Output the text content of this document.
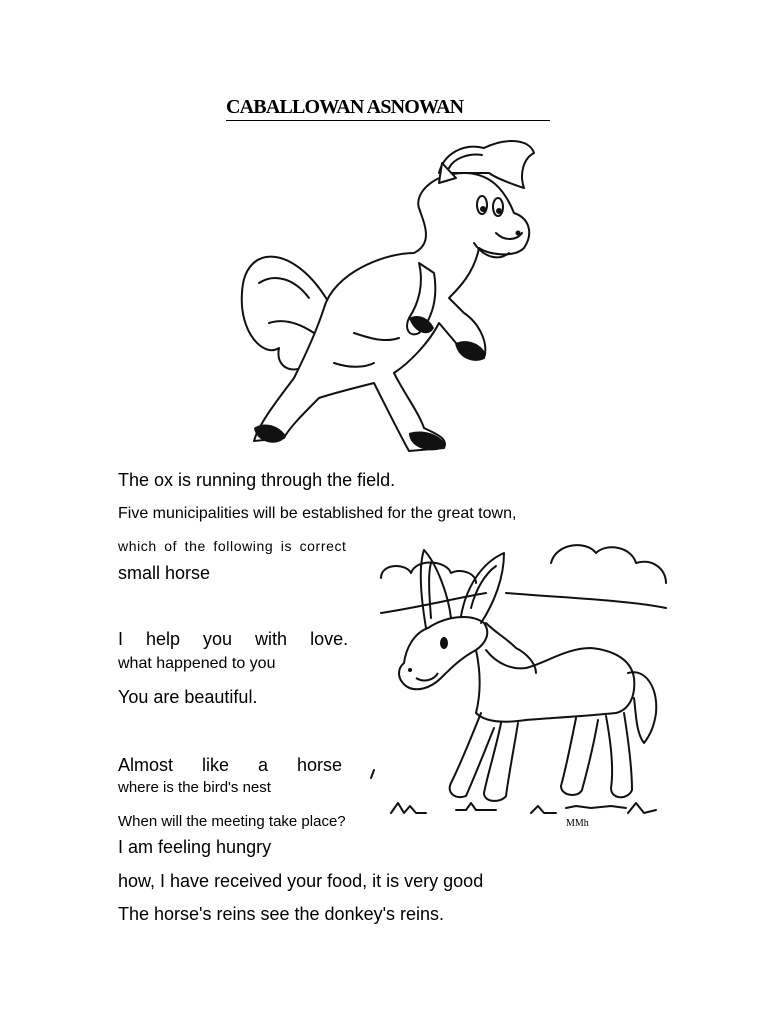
CABALLOWAN ASNOWAN
The ox is running through the field.
Five municipalities will be established for the great town,
which of the following is correct
small horse
I help you with love.
what happened to you
You are beautiful.
Almost like a horse
where is the bird's nest
When will the meeting take place?
I am feeling hungry
how, I have received your food, it is very good
The horse's reins see the donkey's reins.
MMh
